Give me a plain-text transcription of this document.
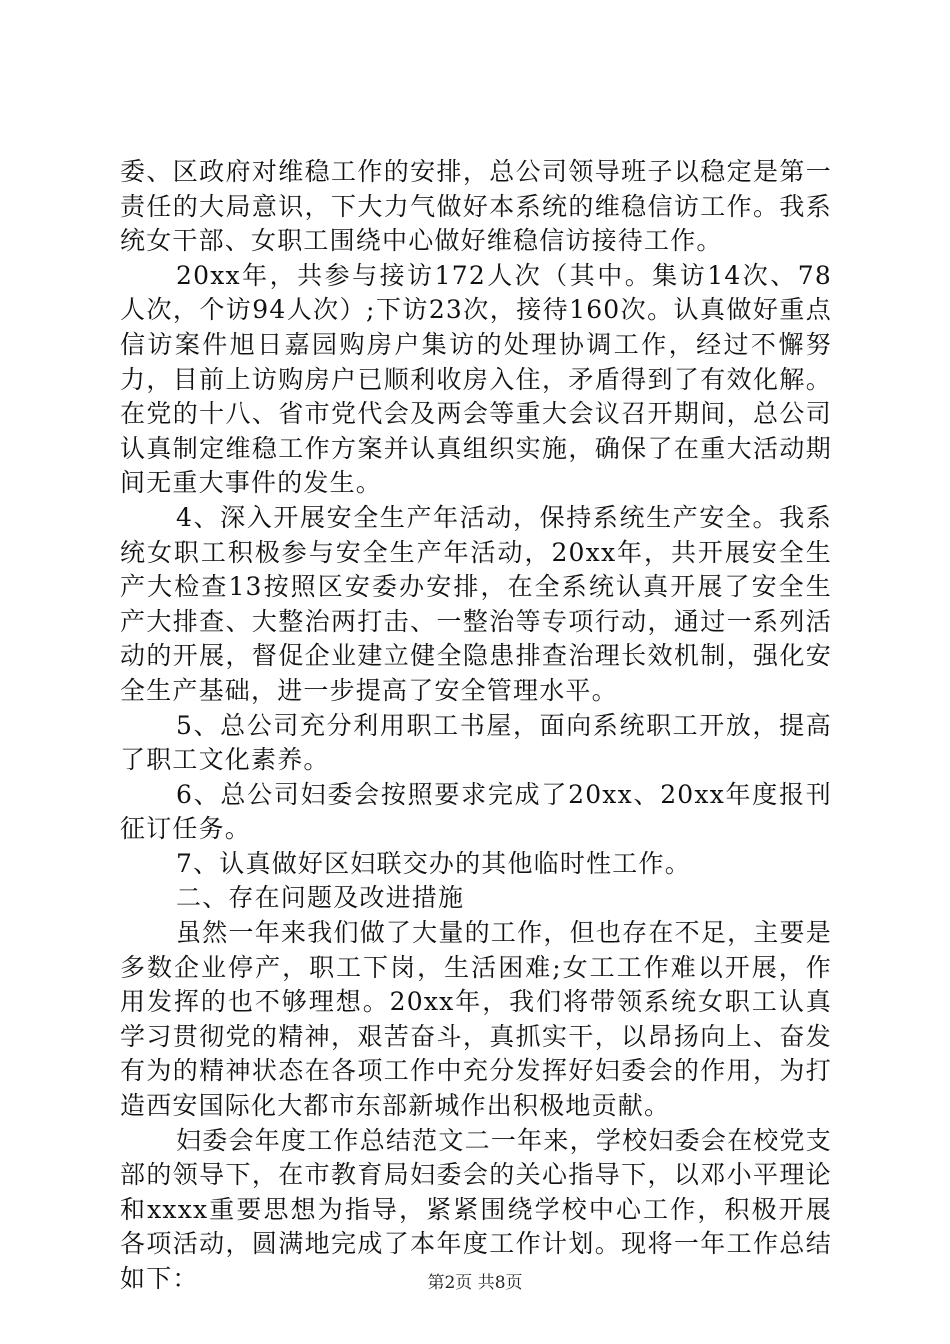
委、区政府对维稳工作的安排，总公司领导班子以稳定是第一责任的大局意识，下大力气做好本系统的维稳信访工作。我系统女干部、女职工围绕中心做好维稳信访接待工作。

20xx年，共参与接访172人次（其中。集访14次、78人次，个访94人次）;下访23次，接待160次。认真做好重点信访案件旭日嘉园购房户集访的处理协调工作，经过不懈努力，目前上访购房户已顺利收房入住，矛盾得到了有效化解。在党的十八、省市党代会及两会等重大会议召开期间，总公司认真制定维稳工作方案并认真组织实施，确保了在重大活动期间无重大事件的发生。

4、深入开展安全生产年活动，保持系统生产安全。我系统女职工积极参与安全生产年活动，20xx年，共开展安全生产大检查13按照区安委办安排，在全系统认真开展了安全生产大排查、大整治两打击、一整治等专项行动，通过一系列活动的开展，督促企业建立健全隐患排查治理长效机制，强化安全生产基础，进一步提高了安全管理水平。

5、总公司充分利用职工书屋，面向系统职工开放，提高了职工文化素养。

6、总公司妇委会按照要求完成了20xx、20xx年度报刊征订任务。

7、认真做好区妇联交办的其他临时性工作。

二、存在问题及改进措施

虽然一年来我们做了大量的工作，但也存在不足，主要是多数企业停产，职工下岗，生活困难;女工工作难以开展，作用发挥的也不够理想。20xx年，我们将带领系统女职工认真学习贯彻党的精神，艰苦奋斗，真抓实干，以昂扬向上、奋发有为的精神状态在各项工作中充分发挥好妇委会的作用，为打造西安国际化大都市东部新城作出积极地贡献。

妇委会年度工作总结范文二一年来，学校妇委会在校党支部的领导下，在市教育局妇委会的关心指导下，以邓小平理论和xxxx重要思想为指导，紧紧围绕学校中心工作，积极开展各项活动，圆满地完成了本年度工作计划。现将一年工作总结如下：	第2页 共8页
